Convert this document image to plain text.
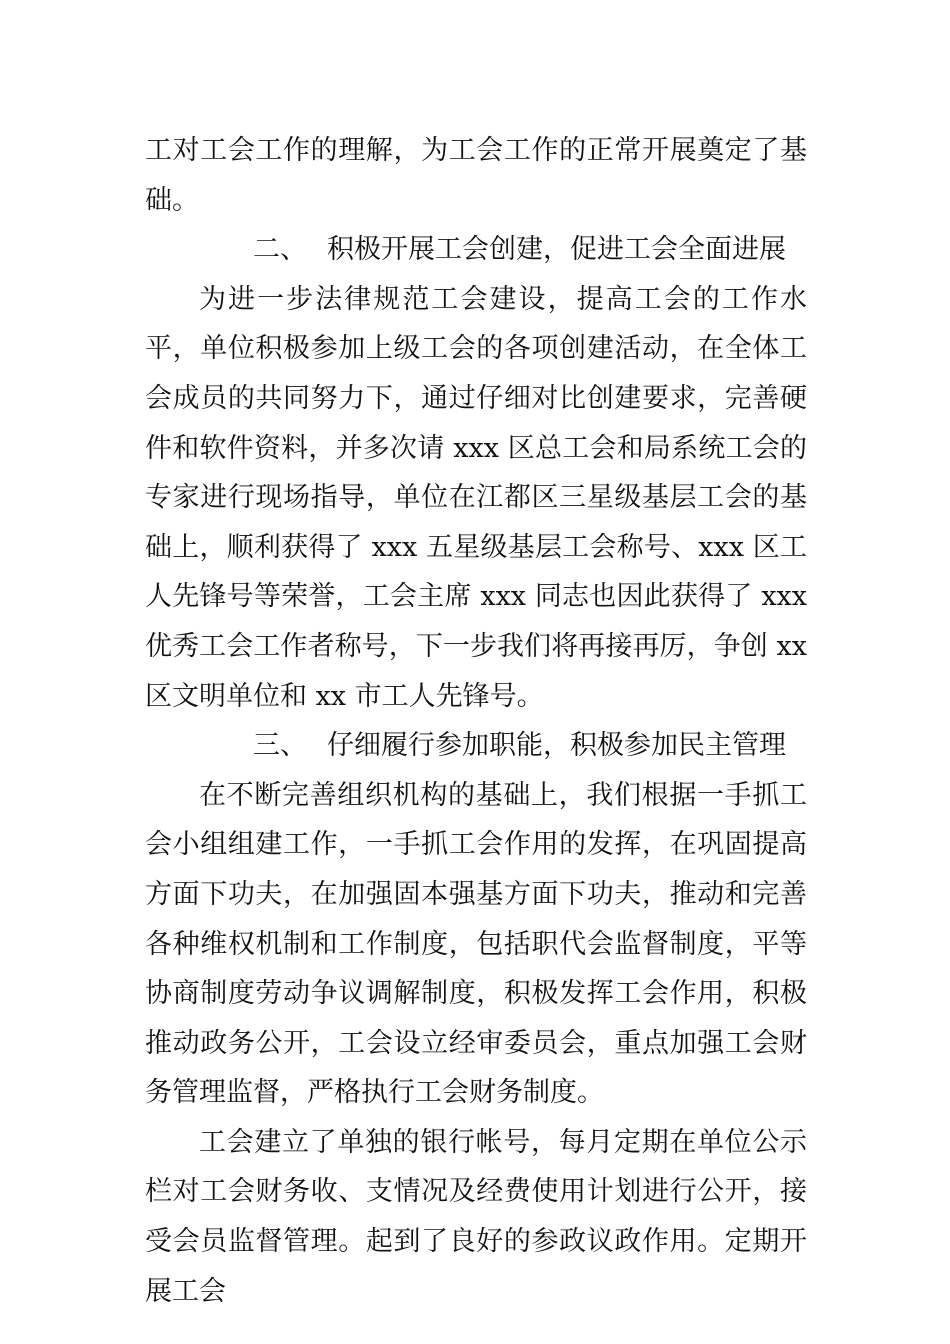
工对工会工作的理解，为工会工作的正常开展奠定了基础。

二、 积极开展工会创建，促进工会全面进展

为进一步法律规范工会建设，提高工会的工作水平，单位积极参加上级工会的各项创建活动，在全体工会成员的共同努力下，通过仔细对比创建要求，完善硬件和软件资料，并多次请 xxx 区总工会和局系统工会的专家进行现场指导，单位在江都区三星级基层工会的基础上，顺利获得了 xxx 五星级基层工会称号、xxx 区工人先锋号等荣誉，工会主席 xxx 同志也因此获得了 xxx 优秀工会工作者称号，下一步我们将再接再厉，争创 xx 区文明单位和 xx 市工人先锋号。

三、 仔细履行参加职能，积极参加民主管理

在不断完善组织机构的基础上，我们根据一手抓工会小组组建工作，一手抓工会作用的发挥，在巩固提高方面下功夫，在加强固本强基方面下功夫，推动和完善各种维权机制和工作制度，包括职代会监督制度，平等协商制度劳动争议调解制度，积极发挥工会作用，积极推动政务公开，工会设立经审委员会，重点加强工会财务管理监督，严格执行工会财务制度。

工会建立了单独的银行帐号，每月定期在单位公示栏对工会财务收、支情况及经费使用计划进行公开，接受会员监督管理。起到了良好的参政议政作用。定期开展工会
